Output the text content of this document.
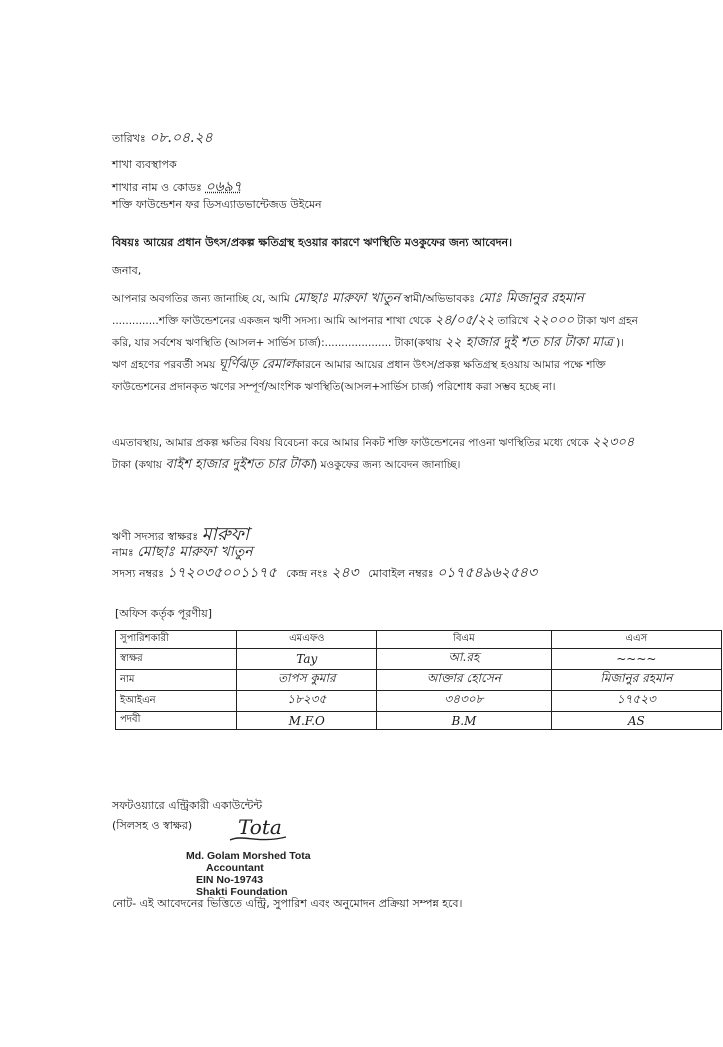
তারিখঃ ০৮.০৪.২৪
শাখা ব্যবস্থাপক
শাখার নাম ও কোডঃ ০৬৯৭
শক্তি ফাউন্ডেশন ফর ডিসএ্যাডভান্টেজড উইমেন
বিষয়ঃ আয়ের প্রধান উৎস/প্রকল্প ক্ষতিগ্রস্থ হওয়ার কারণে ঋণস্থিতি মওকুফের জন্য আবেদন।
জনাব,
আপনার অবগতির জন্য জানাচ্ছি যে, আমি মোছাঃ মারুফা খাতুন স্বামী/অভিভাবকঃ মোঃ মিজানুর রহমান ..............শক্তি ফাউন্ডেশনের একজন ঋণী সদস্য। আমি আপনার শাখা থেকে ২৪/০৫/২২ তারিখে ২২০০০ টাকা ঋণ গ্রহন করি, যার সর্বশেষ ঋণস্থিতি (আসল+ সার্ভিস চার্জ):.................... টাকা(কথায় ২২ হাজার দুই শত চার টাকা মাত্র )। ঋণ গ্রহণের পরবর্তী সময় ঘূর্ণিঝড় রেমালকারনে আমার আয়ের প্রধান উৎস/প্রকল্প ক্ষতিগ্রস্থ হওয়ায় আমার পক্ষে শক্তি ফাউন্ডেশনের প্রদানকৃত ঋণের সম্পূর্ণ/আংশিক ঋণস্থিতি(আসল+সার্ভিস চার্জ) পরিশোধ করা সম্ভব হচ্ছে না।
এমতাবস্থায়, আমার প্রকল্প ক্ষতির বিষয় বিবেচনা করে আমার নিকট শক্তি ফাউন্ডেশনের পাওনা ঋণস্থিতির মধ্যে থেকে ২২৩০৪ টাকা (কথায় বাইশ হাজার দুইশত চার টাকা) মওকুফের জন্য আবেদন জানাচ্ছি।
ঋণী সদস্যর স্বাক্ষরঃ মারুফা
নামঃ মোছাঃ মারুফা খাতুন
সদস্য নম্বরঃ ১৭২০৩৫০০১১৭৫ কেন্দ্র নংঃ ২৪৩ মোবাইল নম্বরঃ ০১৭৫৪৯৬২৫৪৩
[অফিস কর্তৃক পূরণীয়]
সুপারিশকারী	এমএফও	বিএম	এএস
স্বাক্ষর	Tay	আ.রহ	~~~~
নাম	তাপস কুমার	আক্তার হোসেন	মিজানুর রহমান
ইআইএন	১৮২৩৫	৩৪৩০৮	১৭৫২৩
পদবী	M.F.O	B.M	AS
সফটওয়্যারে এন্ট্রিকারী একাউন্টেন্ট
(সিলসহ ও স্বাক্ষর) Tota
Md. Golam Morshed Tota
Accountant
EIN No-19743
Shakti Foundation
নোট- এই আবেদনের ভিত্তিতে এন্ট্রি, সুপারিশ এবং অনুমোদন প্রক্রিয়া সম্পন্ন হবে।
